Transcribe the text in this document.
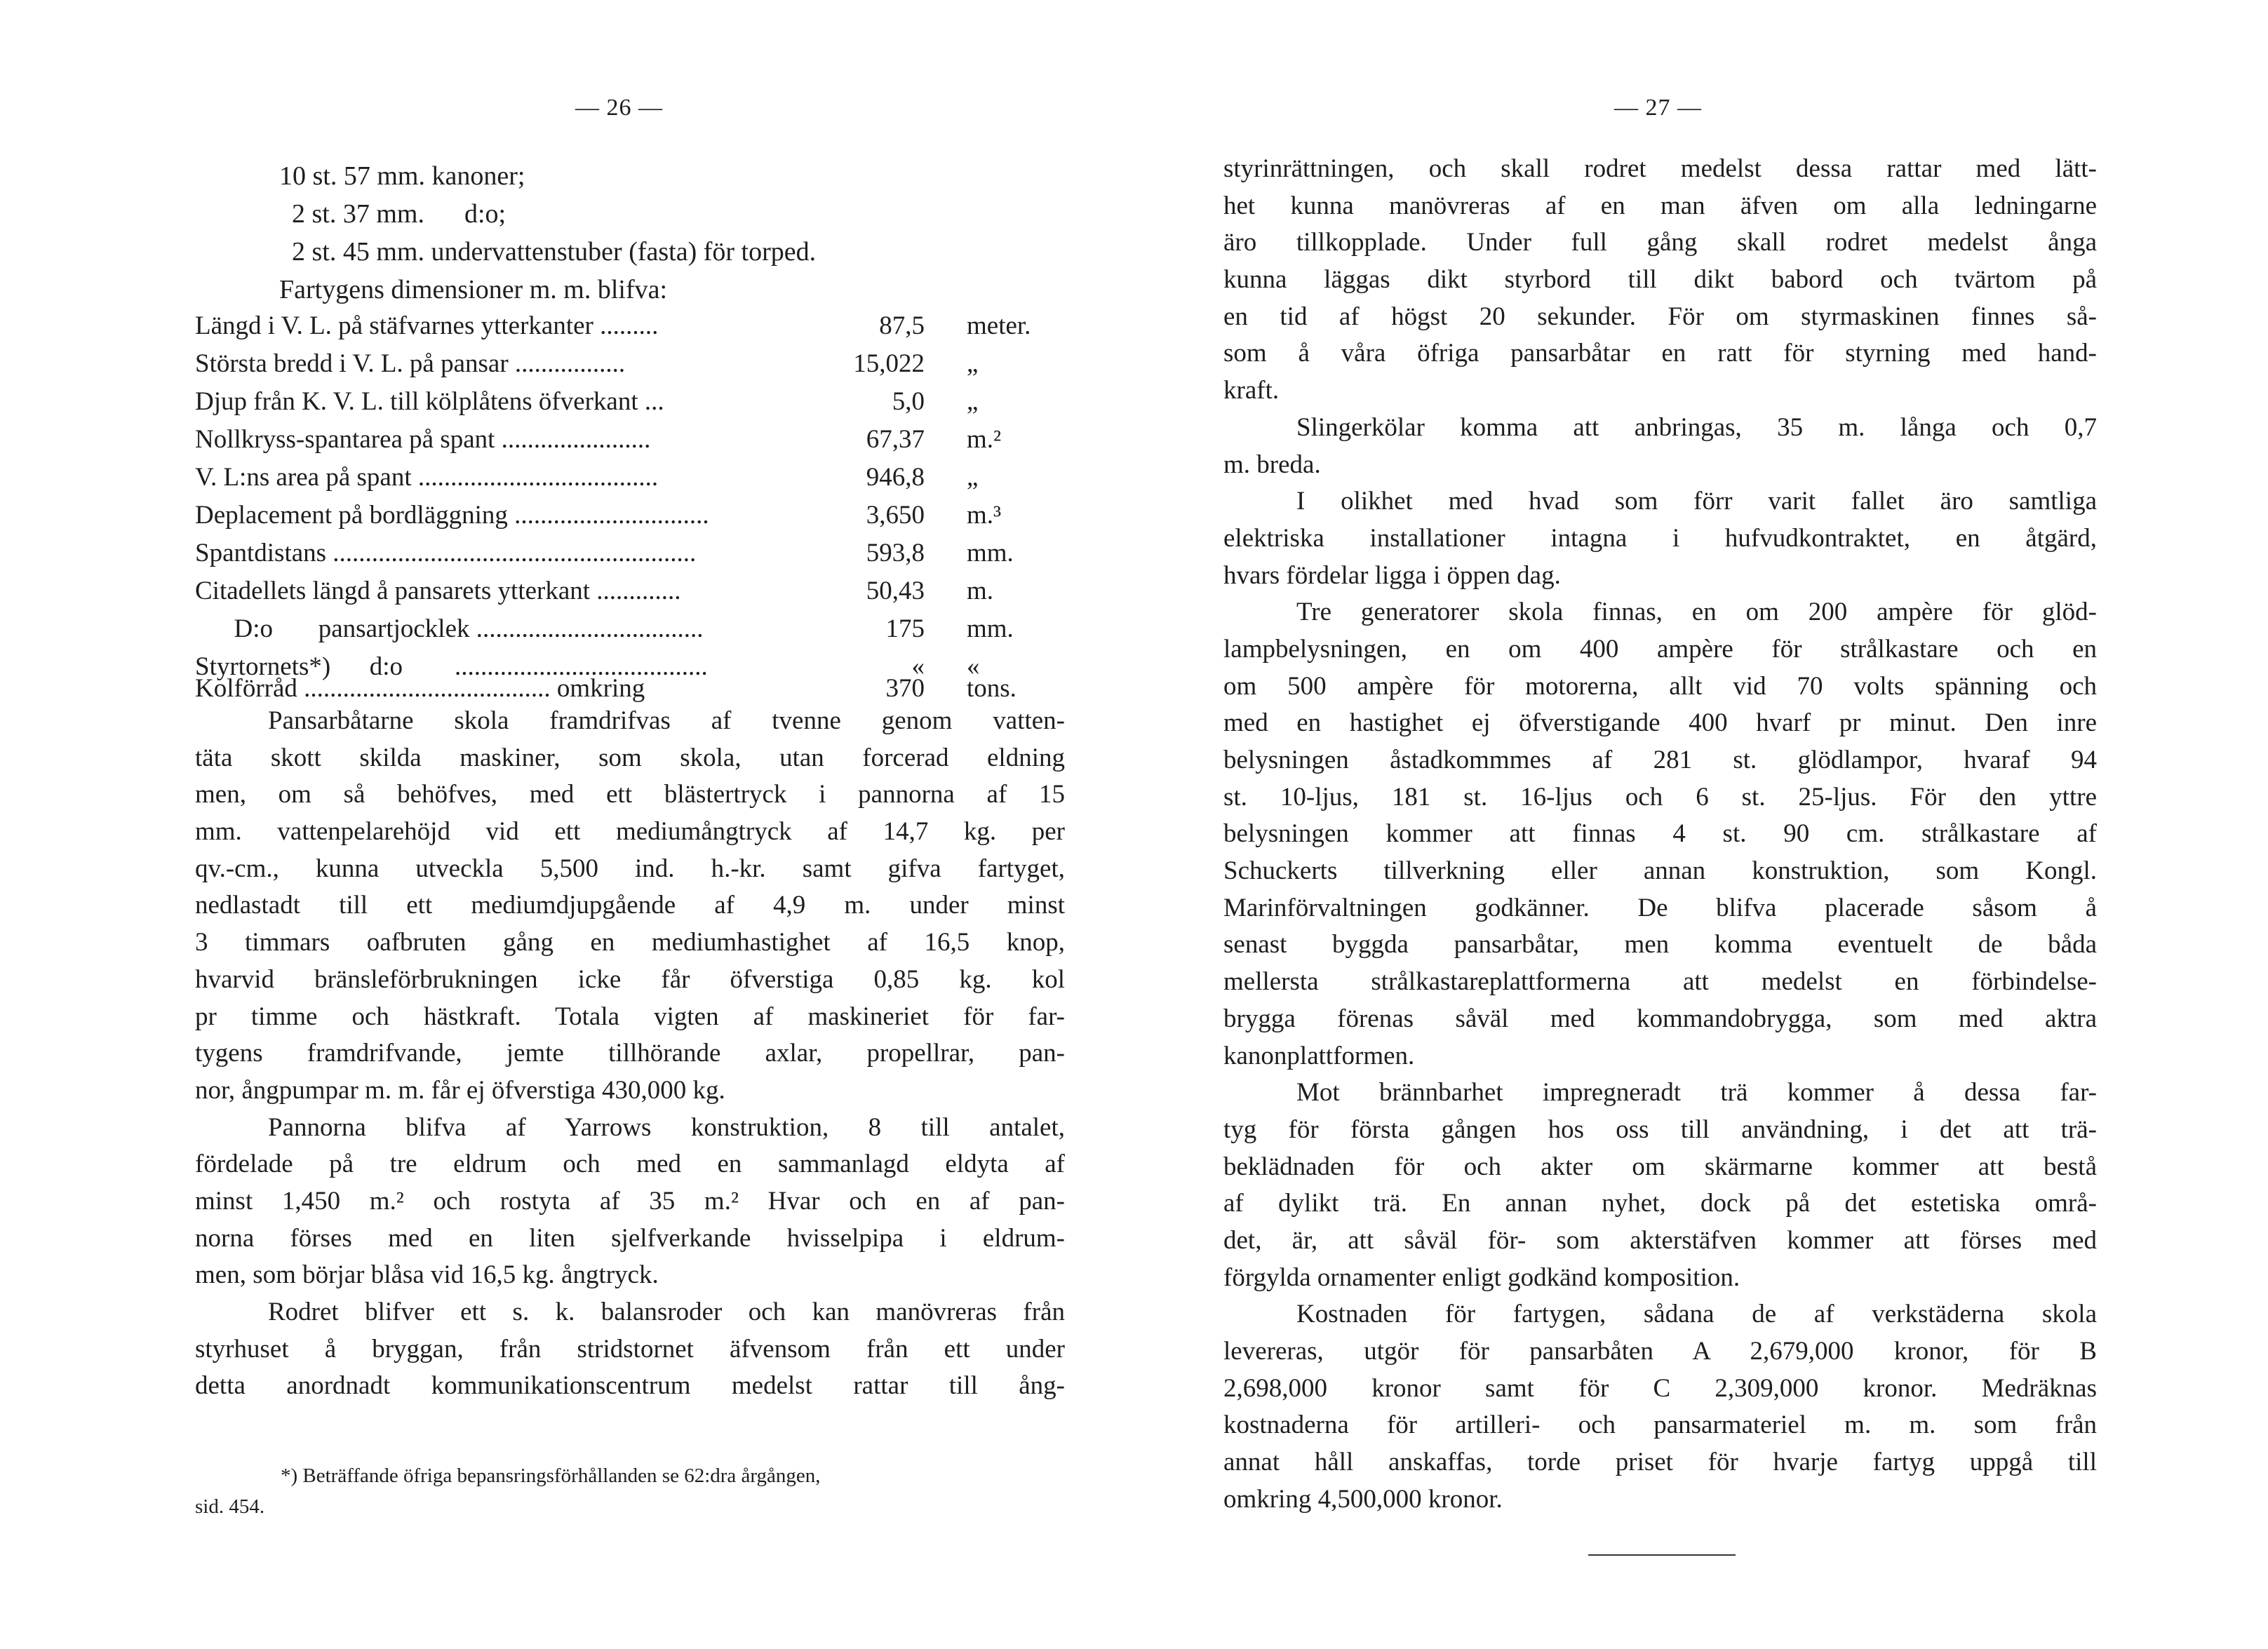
— 26 —
10 st. 57 mm. kanoner;
2 st. 37 mm.      d:o;
2 st. 45 mm. undervattenstuber (fasta) för torped.
Fartygens dimensioner m. m. blifva:
Längd i V. L. på stäfvarnes ytterkanter .........	87,5 meter.
Största bredd i V. L. på pansar .................	15,022 „
Djup från K. V. L. till kölplåtens öfverkant ...	5,0 „
Nollkryss-spantarea på spant .......................	67,37 m.²
V. L:ns area på spant .....................................	946,8 „
Deplacement på bordläggning ..............................	3,650 m.³
Spantdistans ........................................................	593,8 mm.
Citadellets längd å pansarets ytterkant .............	50,43 m.
D:o       pansartjocklek ...................................	175 mm.
Styrtornets*)      d:o        .......................................	« «
Kolförråd ...................................... omkring	370 tons.
Pansarbåtarne skola framdrifvas af tvenne genom vatten-
täta skott skilda maskiner, som skola, utan forcerad eldning
men, om så behöfves, med ett blästertryck i pannorna af 15
mm. vattenpelarehöjd vid ett mediumångtryck af 14,7 kg. per
qv.-cm., kunna utveckla 5,500 ind. h.-kr. samt gifva fartyget,
nedlastadt till ett mediumdjupgående af 4,9 m. under minst
3 timmars oafbruten gång en mediumhastighet af 16,5 knop,
hvarvid bränsleförbrukningen icke får öfverstiga 0,85 kg. kol
pr timme och hästkraft. Totala vigten af maskineriet för far-
tygens framdrifvande, jemte tillhörande axlar, propellrar, pan-
nor, ångpumpar m. m. får ej öfverstiga 430,000 kg.
Pannorna blifva af Yarrows konstruktion, 8 till antalet,
fördelade på tre eldrum och med en sammanlagd eldyta af
minst 1,450 m.² och rostyta af 35 m.² Hvar och en af pan-
norna förses med en liten sjelfverkande hvisselpipa i eldrum-
men, som börjar blåsa vid 16,5 kg. ångtryck.
Rodret blifver ett s. k. balansroder och kan manövreras från
styrhuset å bryggan, från stridstornet äfvensom från ett under
detta anordnadt kommunikationscentrum medelst rattar till ång-
*) Beträffande öfriga bepansringsförhållanden se 62:dra årgången,
sid. 454.
— 27 —
styrinrättningen, och skall rodret medelst dessa rattar med lätt-
het kunna manövreras af en man äfven om alla ledningarne
äro tillkopplade. Under full gång skall rodret medelst ånga
kunna läggas dikt styrbord till dikt babord och tvärtom på
en tid af högst 20 sekunder. För om styrmaskinen finnes så-
som å våra öfriga pansarbåtar en ratt för styrning med hand-
kraft.
Slingerkölar komma att anbringas, 35 m. långa och 0,7
m. breda.
I olikhet med hvad som förr varit fallet äro samtliga
elektriska installationer intagna i hufvudkontraktet, en åtgärd,
hvars fördelar ligga i öppen dag.
Tre generatorer skola finnas, en om 200 ampère för glöd-
lampbelysningen, en om 400 ampère för strålkastare och en
om 500 ampère för motorerna, allt vid 70 volts spänning och
med en hastighet ej öfverstigande 400 hvarf pr minut. Den inre
belysningen åstadkommmes af 281 st. glödlampor, hvaraf 94
st. 10-ljus, 181 st. 16-ljus och 6 st. 25-ljus. För den yttre
belysningen kommer att finnas 4 st. 90 cm. strålkastare af
Schuckerts tillverkning eller annan konstruktion, som Kongl.
Marinförvaltningen godkänner. De blifva placerade såsom å
senast byggda pansarbåtar, men komma eventuelt de båda
mellersta strålkastareplattformerna att medelst en förbindelse-
brygga förenas såväl med kommandobrygga, som med aktra
kanonplattformen.
Mot brännbarhet impregneradt trä kommer å dessa far-
tyg för första gången hos oss till användning, i det att trä-
beklädnaden för och akter om skärmarne kommer att bestå
af dylikt trä. En annan nyhet, dock på det estetiska områ-
det, är, att såväl för- som akterstäfven kommer att förses med
förgylda ornamenter enligt godkänd komposition.
Kostnaden för fartygen, sådana de af verkstäderna skola
levereras, utgör för pansarbåten A 2,679,000 kronor, för B
2,698,000 kronor samt för C 2,309,000 kronor. Medräknas
kostnaderna för artilleri- och pansarmateriel m. m. som från
annat håll anskaffas, torde priset för hvarje fartyg uppgå till
omkring 4,500,000 kronor.
